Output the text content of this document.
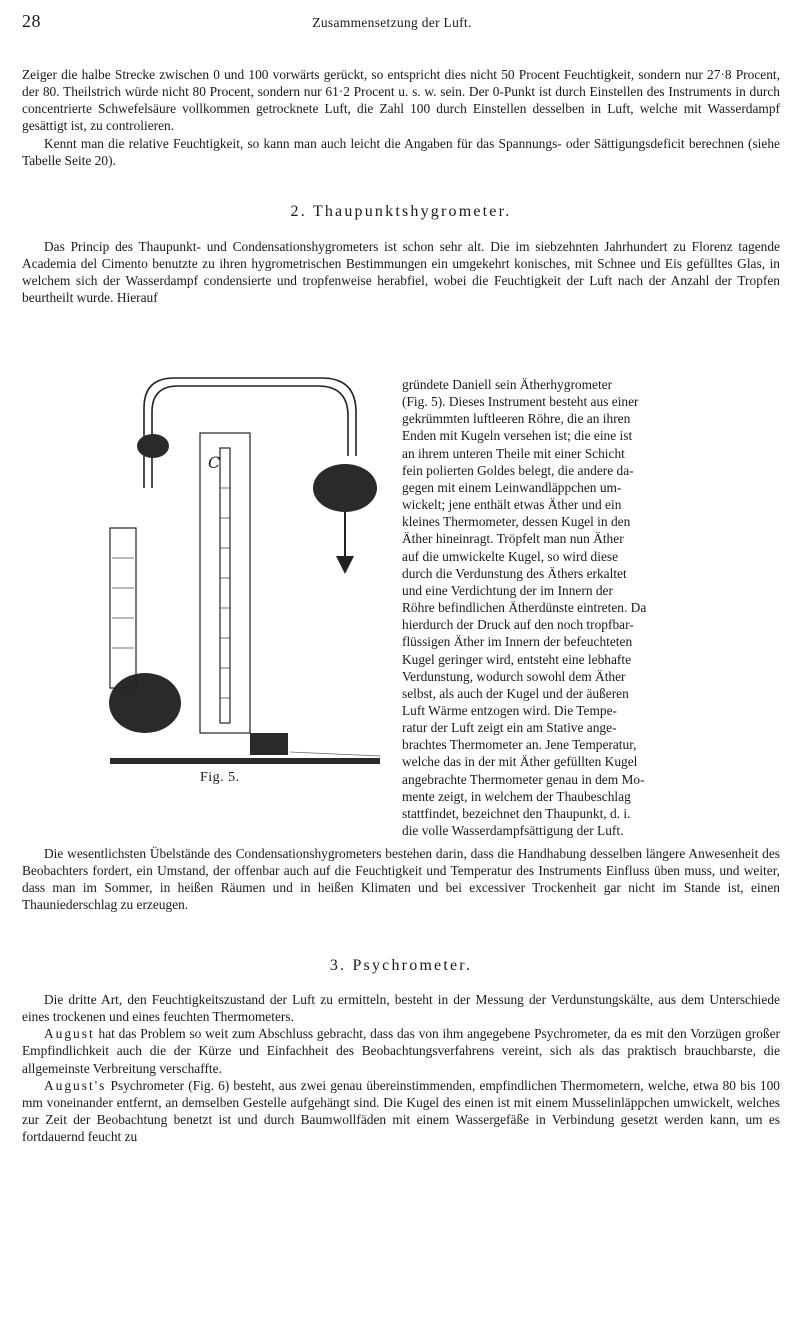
28	Zusammensetzung der Luft.

Zeiger die halbe Strecke zwischen 0 und 100 vorwärts gerückt, so entspricht dies nicht 50 Procent Feuchtigkeit, sondern nur 27·8 Procent, der 80. Theilstrich würde nicht 80 Procent, sondern nur 61·2 Procent u. s. w. sein. Der 0-Punkt ist durch Einstellen des Instruments in durch concentrierte Schwefelsäure vollkommen getrocknete Luft, die Zahl 100 durch Einstellen desselben in Luft, welche mit Wasserdampf gesättigt ist, zu controlieren.

Kennt man die relative Feuchtigkeit, so kann man auch leicht die Angaben für das Spannungs- oder Sättigungsdeficit berechnen (siehe Tabelle Seite 20).

2. Thaupunktshygrometer.

Das Princip des Thaupunkt- und Condensationshygrometers ist schon sehr alt. Die im siebzehnten Jahrhundert zu Florenz tagende Academia del Cimento benutzte zu ihren hygrometrischen Bestimmungen ein umgekehrt konisches, mit Schnee und Eis gefülltes Glas, in welchem sich der Wasserdampf condensierte und tropfenweise herabfiel, wobei die Feuchtigkeit der Luft nach der Anzahl der Tropfen beurtheilt wurde. Hierauf

C
Fig. 5.

gründete Daniell sein Ätherhygrometer

(Fig. 5). Dieses Instrument besteht aus einer

gekrümmten luftleeren Röhre, die an ihren

Enden mit Kugeln versehen ist; die eine ist

an ihrem unteren Theile mit einer Schicht

fein polierten Goldes belegt, die andere da-

gegen mit einem Leinwandläppchen um-

wickelt; jene enthält etwas Äther und ein

kleines Thermometer, dessen Kugel in den

Äther hineinragt. Tröpfelt man nun Äther

auf die umwickelte Kugel, so wird diese

durch die Verdunstung des Äthers erkaltet

und eine Verdichtung der im Innern der

Röhre befindlichen Ätherdünste eintreten. Da

hierdurch der Druck auf den noch tropfbar-

flüssigen Äther im Innern der befeuchteten

Kugel geringer wird, entsteht eine lebhafte

Verdunstung, wodurch sowohl dem Äther

selbst, als auch der Kugel und der äußeren

Luft Wärme entzogen wird. Die Tempe-

ratur der Luft zeigt ein am Stative ange-

brachtes Thermometer an. Jene Temperatur,

welche das in der mit Äther gefüllten Kugel

angebrachte Thermometer genau in dem Mo-

mente zeigt, in welchem der Thaubeschlag

stattfindet, bezeichnet den Thaupunkt, d. i.

die volle Wasserdampfsättigung der Luft.

Die wesentlichsten Übelstände des Condensationshygrometers bestehen darin, dass die Handhabung desselben längere Anwesenheit des Beobachters fordert, ein Umstand, der offenbar auch auf die Feuchtigkeit und Temperatur des Instruments Einfluss üben muss, und weiter, dass man im Sommer, in heißen Räumen und in heißen Klimaten und bei excessiver Trockenheit gar nicht im Stande ist, einen Thauniederschlag zu erzeugen.

3. Psychrometer.

Die dritte Art, den Feuchtigkeitszustand der Luft zu ermitteln, besteht in der Messung der Verdunstungskälte, aus dem Unterschiede eines trockenen und eines feuchten Thermometers.

August hat das Problem so weit zum Abschluss gebracht, dass das von ihm angegebene Psychrometer, da es mit den Vorzügen großer Empfindlichkeit auch die der Kürze und Einfachheit des Beobachtungsverfahrens vereint, sich als das praktisch brauchbarste, die allgemeinste Verbreitung verschaffte.

August's Psychrometer (Fig. 6) besteht, aus zwei genau übereinstimmenden, empfindlichen Thermometern, welche, etwa 80 bis 100 mm voneinander entfernt, an demselben Gestelle aufgehängt sind. Die Kugel des einen ist mit einem Musselinläppchen umwickelt, welches zur Zeit der Beobachtung benetzt ist und durch Baumwollfäden mit einem Wassergefäße in Verbindung gesetzt werden kann, um es fortdauernd feucht zu
